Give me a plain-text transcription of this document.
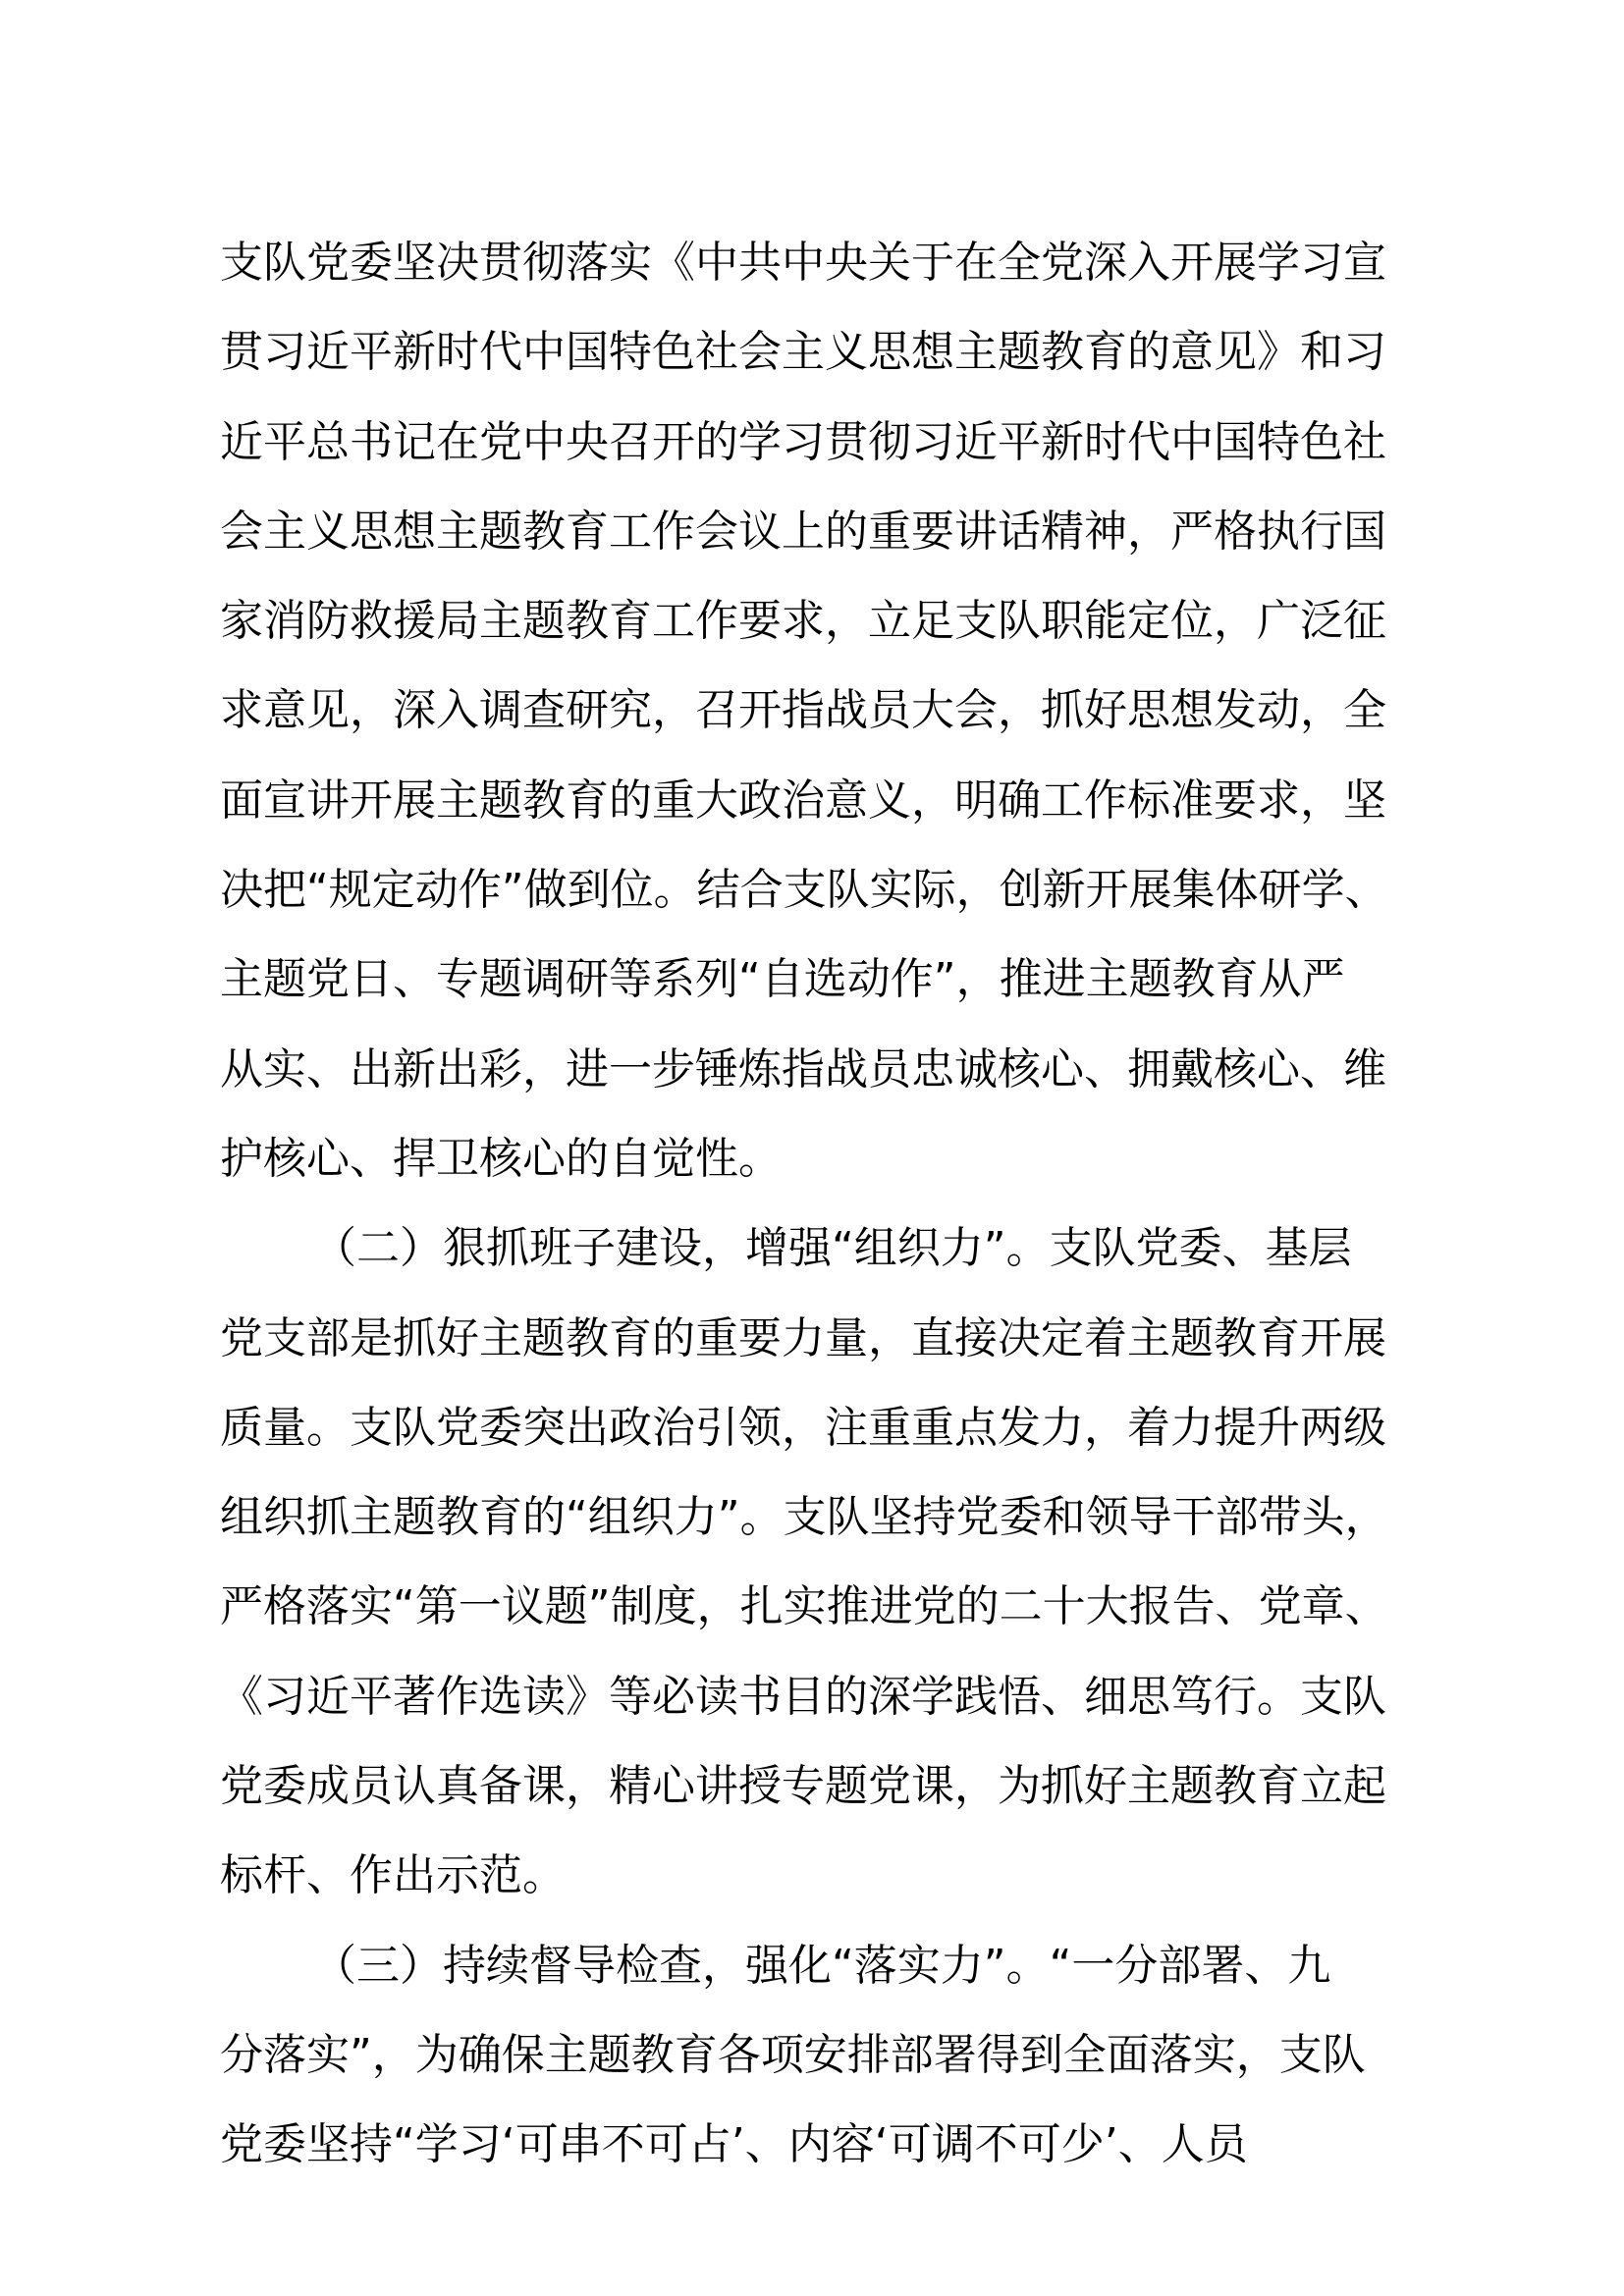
支队党委坚决贯彻落实《中共中央关于在全党深入开展学习宣
贯习近平新时代中国特色社会主义思想主题教育的意见》和习
近平总书记在党中央召开的学习贯彻习近平新时代中国特色社
会主义思想主题教育工作会议上的重要讲话精神，严格执行国
家消防救援局主题教育工作要求，立足支队职能定位，广泛征
求意见，深入调查研究，召开指战员大会，抓好思想发动，全
面宣讲开展主题教育的重大政治意义，明确工作标准要求，坚
决把“规定动作”做到位。结合支队实际，创新开展集体研学、
主题党日、专题调研等系列“自选动作”，推进主题教育从严
从实、出新出彩，进一步锤炼指战员忠诚核心、拥戴核心、维
护核心、捍卫核心的自觉性。
（二）狠抓班子建设，增强“组织力”。支队党委、基层
党支部是抓好主题教育的重要力量，直接决定着主题教育开展
质量。支队党委突出政治引领，注重重点发力，着力提升两级
组织抓主题教育的“组织力”。支队坚持党委和领导干部带头，
严格落实“第一议题”制度，扎实推进党的二十大报告、党章、
《习近平著作选读》等必读书目的深学践悟、细思笃行。支队
党委成员认真备课，精心讲授专题党课，为抓好主题教育立起
标杆、作出示范。
（三）持续督导检查，强化“落实力”。“一分部署、九
分落实”，为确保主题教育各项安排部署得到全面落实，支队
党委坚持“学习‘可串不可占’、内容‘可调不可少’、人员
